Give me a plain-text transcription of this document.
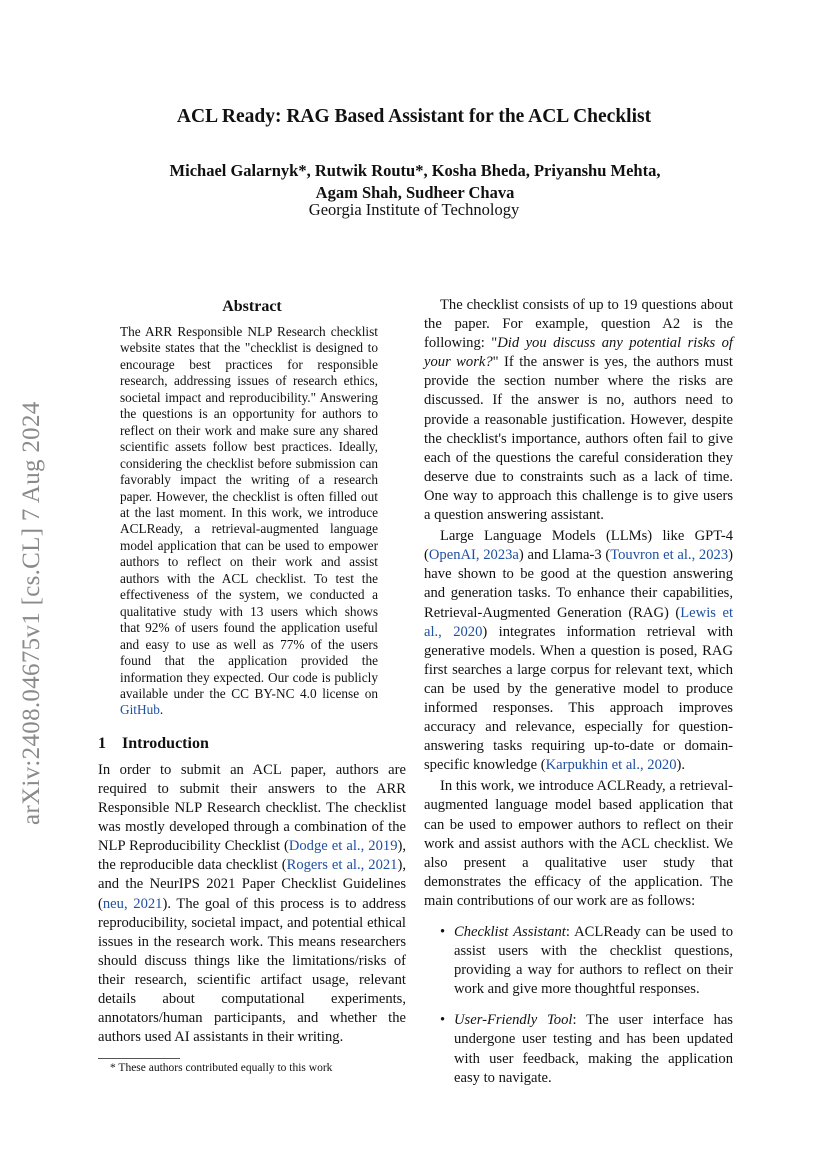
arXiv:2408.04675v1 [cs.CL] 7 Aug 2024
ACL Ready: RAG Based Assistant for the ACL Checklist
Michael Galarnyk*, Rutwik Routu*, Kosha Bheda, Priyanshu Mehta,
Agam Shah, Sudheer Chava
Georgia Institute of Technology
Abstract

The ARR Responsible NLP Research checklist website states that the "checklist is designed to encourage best practices for responsible research, addressing issues of research ethics, societal impact and reproducibility." Answering the questions is an opportunity for authors to reflect on their work and make sure any shared scientific assets follow best practices. Ideally, considering the checklist before submission can favorably impact the writing of a research paper. However, the checklist is often filled out at the last moment. In this work, we introduce ACLReady, a retrieval-augmented language model application that can be used to empower authors to reflect on their work and assist authors with the ACL checklist. To test the effectiveness of the system, we conducted a qualitative study with 13 users which shows that 92% of users found the application useful and easy to use as well as 77% of the users found that the application provided the information they expected. Our code is publicly available under the CC BY-NC 4.0 license on GitHub.

1 Introduction

In order to submit an ACL paper, authors are required to submit their answers to the ARR Responsible NLP Research checklist. The checklist was mostly developed through a combination of the NLP Reproducibility Checklist (Dodge et al., 2019), the reproducible data checklist (Rogers et al., 2021), and the NeurIPS 2021 Paper Checklist Guidelines (neu, 2021). The goal of this process is to address reproducibility, societal impact, and potential ethical issues in the research work. This means researchers should discuss things like the limitations/risks of their research, scientific artifact usage, relevant details about computational experiments, annotators/human participants, and whether the authors used AI assistants in their writing.

* These authors contributed equally to this work

The checklist consists of up to 19 questions about the paper. For example, question A2 is the following: "Did you discuss any potential risks of your work?" If the answer is yes, the authors must provide the section number where the risks are discussed. If the answer is no, authors need to provide a reasonable justification. However, despite the checklist's importance, authors often fail to give each of the questions the careful consideration they deserve due to constraints such as a lack of time. One way to approach this challenge is to give users a question answering assistant.

Large Language Models (LLMs) like GPT-4 (OpenAI, 2023a) and Llama-3 (Touvron et al., 2023) have shown to be good at the question answering and generation tasks. To enhance their capabilities, Retrieval-Augmented Generation (RAG) (Lewis et al., 2020) integrates information retrieval with generative models. When a question is posed, RAG first searches a large corpus for relevant text, which can be used by the generative model to produce informed responses. This approach improves accuracy and relevance, especially for question-answering tasks requiring up-to-date or domain-specific knowledge (Karpukhin et al., 2020).

In this work, we introduce ACLReady, a retrieval-augmented language model based application that can be used to empower authors to reflect on their work and assist authors with the ACL checklist. We also present a qualitative user study that demonstrates the efficacy of the application. The main contributions of our work are as follows:

• Checklist Assistant: ACLReady can be used to assist users with the checklist questions, providing a way for authors to reflect on their work and give more thoughtful responses.
• User-Friendly Tool: The user interface has undergone user testing and has been updated with user feedback, making the application easy to navigate.
